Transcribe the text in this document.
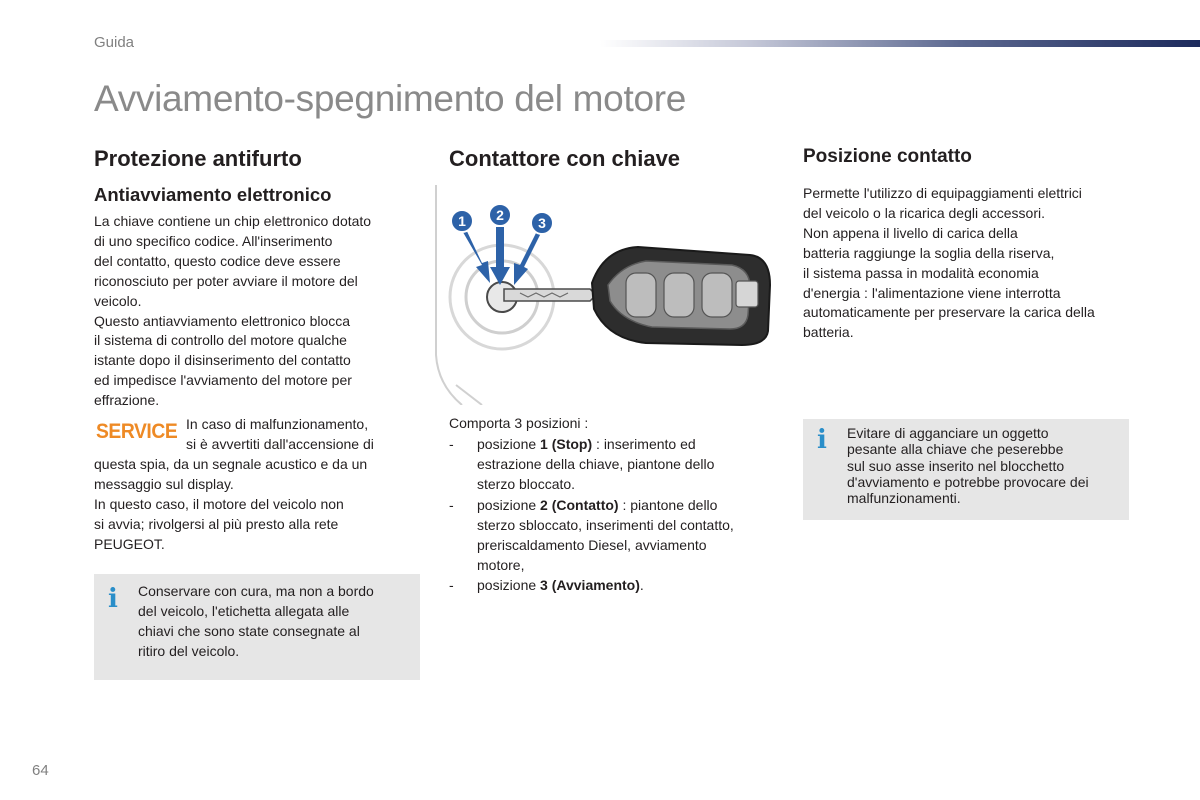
Guida
Avviamento-spegnimento del motore
Protezione antifurto
Antiavviamento elettronico

La chiave contiene un chip elettronico dotato

di uno specifico codice. All'inserimento

del contatto, questo codice deve essere

riconosciuto per poter avviare il motore del

veicolo.

Questo antiavviamento elettronico blocca

il sistema di controllo del motore qualche

istante dopo il disinserimento del contatto

ed impedisce l'avviamento del motore per

effrazione.

SERVICE In caso di malfunzionamento,

si è avvertiti dall'accensione di

questa spia, da un segnale acustico e da un

messaggio sul display.

In questo caso, il motore del veicolo non

si avvia; rivolgersi al più presto alla rete

PEUGEOT.

i Conservare con cura, ma non a bordo

del veicolo, l'etichetta allegata alle

chiavi che sono state consegnate al

ritiro del veicolo.

Contattore con chiave
1 2 3
Comporta 3 posizioni :
- posizione 1 (Stop) : inserimento ed
estrazione della chiave, piantone dello
sterzo bloccato.
- posizione 2 (Contatto) : piantone dello
sterzo sbloccato, inserimenti del contatto,
preriscaldamento Diesel, avviamento
motore,
- posizione 3 (Avviamento).
Posizione contatto

Permette l'utilizzo di equipaggiamenti elettrici

del veicolo o la ricarica degli accessori.

Non appena il livello di carica della

batteria raggiunge la soglia della riserva,

il sistema passa in modalità economia

d'energia : l'alimentazione viene interrotta

automaticamente per preservare la carica della

batteria.

i Evitare di agganciare un oggetto

pesante alla chiave che peserebbe

sul suo asse inserito nel blocchetto

d'avviamento e potrebbe provocare dei

malfunzionamenti.

64
